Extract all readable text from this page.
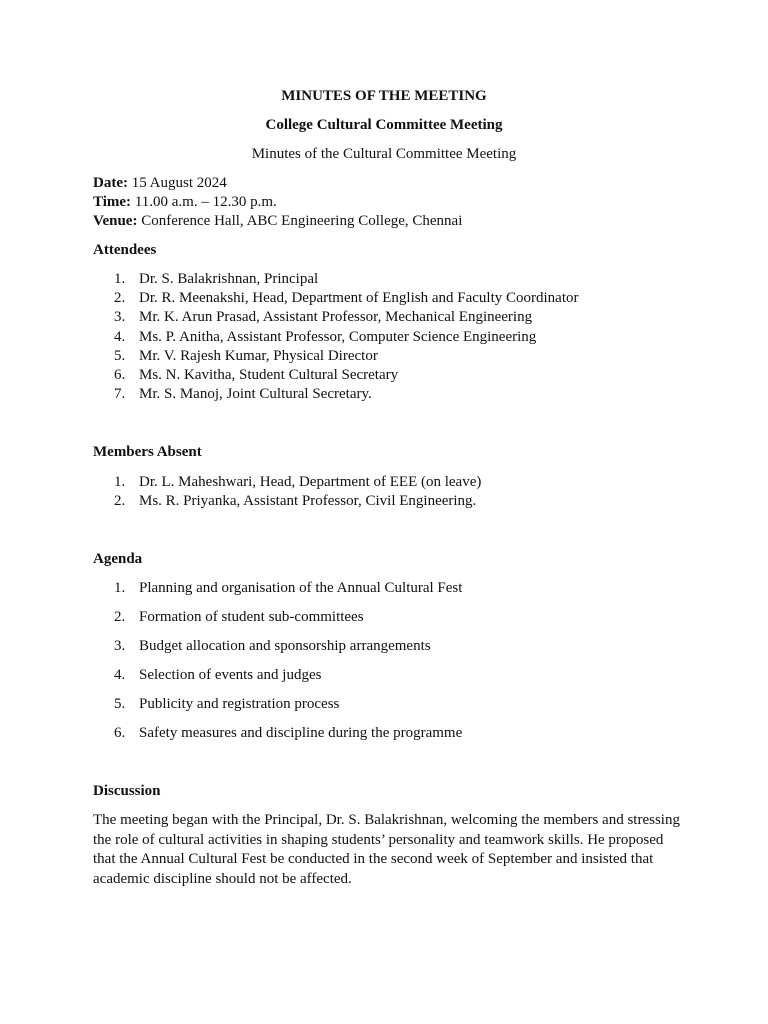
MINUTES OF THE MEETING
College Cultural Committee Meeting
Minutes of the Cultural Committee Meeting
Date: 15 August 2024
Time: 11.00 a.m. – 12.30 p.m.
Venue: Conference Hall, ABC Engineering College, Chennai
Attendees
1. Dr. S. Balakrishnan, Principal
2. Dr. R. Meenakshi, Head, Department of English and Faculty Coordinator
3. Mr. K. Arun Prasad, Assistant Professor, Mechanical Engineering
4. Ms. P. Anitha, Assistant Professor, Computer Science Engineering
5. Mr. V. Rajesh Kumar, Physical Director
6. Ms. N. Kavitha, Student Cultural Secretary
7. Mr. S. Manoj, Joint Cultural Secretary.
Members Absent
1. Dr. L. Maheshwari, Head, Department of EEE (on leave)
2. Ms. R. Priyanka, Assistant Professor, Civil Engineering.
Agenda
1. Planning and organisation of the Annual Cultural Fest
2. Formation of student sub-committees
3. Budget allocation and sponsorship arrangements
4. Selection of events and judges
5. Publicity and registration process
6. Safety measures and discipline during the programme
Discussion
The meeting began with the Principal, Dr. S. Balakrishnan, welcoming the members and stressing the role of cultural activities in shaping students’ personality and teamwork skills. He proposed that the Annual Cultural Fest be conducted in the second week of September and insisted that academic discipline should not be affected.
